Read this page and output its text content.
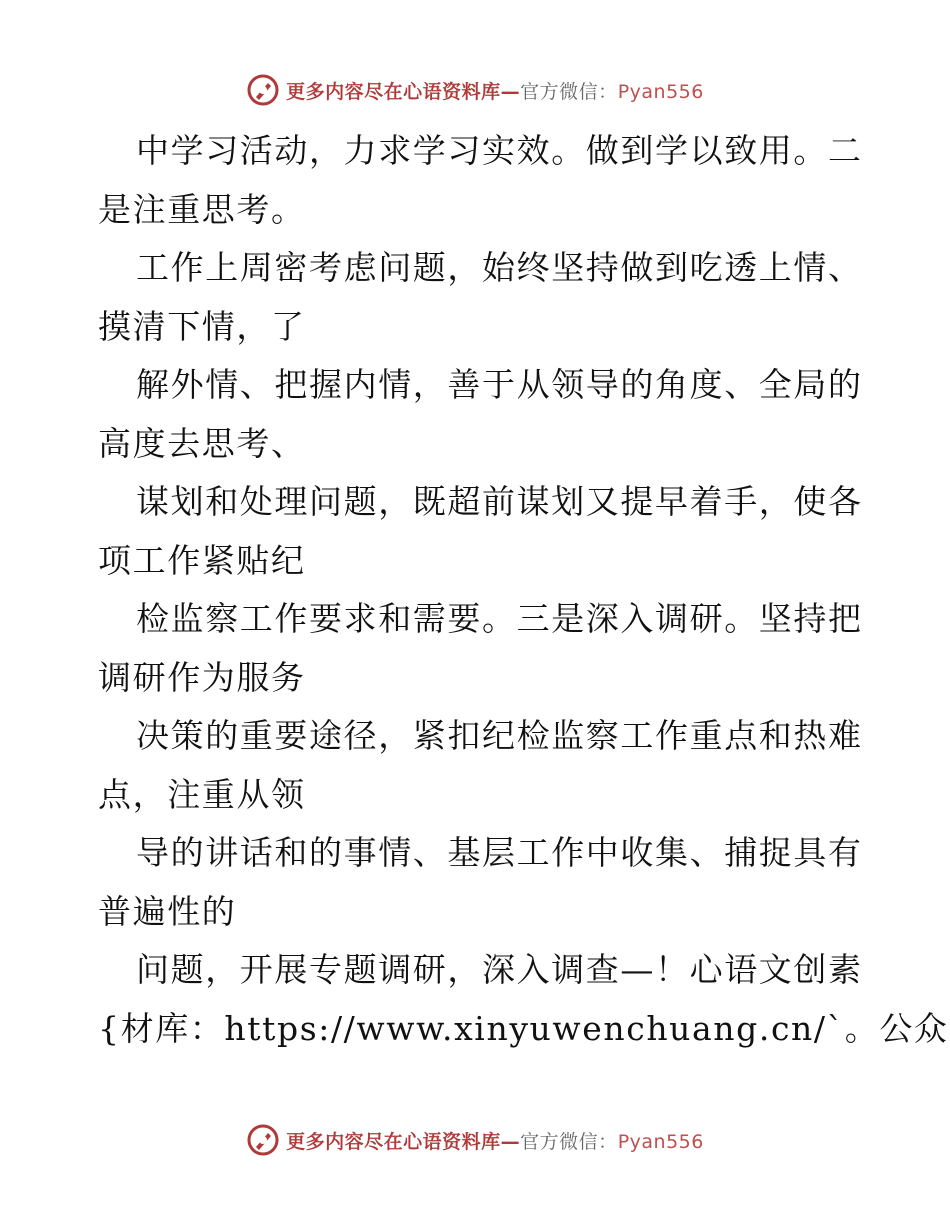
更多内容尽在心语资料库—官方微信：Pyan556
中学习活动，力求学习实效。做到学以致用。二
是注重思考。
工作上周密考虑问题，始终坚持做到吃透上情、
摸清下情，了
解外情、把握内情，善于从领导的角度、全局的
高度去思考、
谋划和处理问题，既超前谋划又提早着手，使各
项工作紧贴纪
检监察工作要求和需要。三是深入调研。坚持把
调研作为服务
决策的重要途径，紧扣纪检监察工作重点和热难
点，注重从领
导的讲话和的事情、基层工作中收集、捕捉具有
普遍性的
问题，开展专题调研，深入调查—！心语文创素
{材库：https://www.xinyuwenchuang.cn/`。公众
更多内容尽在心语资料库—官方微信：Pyan556
